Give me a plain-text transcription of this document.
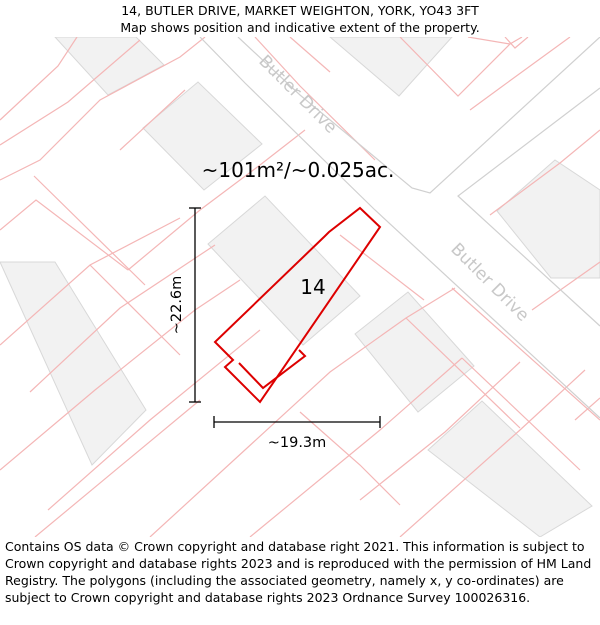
14, BUTLER DRIVE, MARKET WEIGHTON, YORK, YO43 3FT
Map shows position and indicative extent of the property.
Butler Drive
Butler Drive
~101m²/~0.025ac.
14
~22.6m
~19.3m
Contains OS data © Crown copyright and database right 2021. This information is subject to Crown copyright and database rights 2023 and is reproduced with the permission of HM Land Registry. The polygons (including the associated geometry, namely x, y co-ordinates) are subject to Crown copyright and database rights 2023 Ordnance Survey 100026316.
